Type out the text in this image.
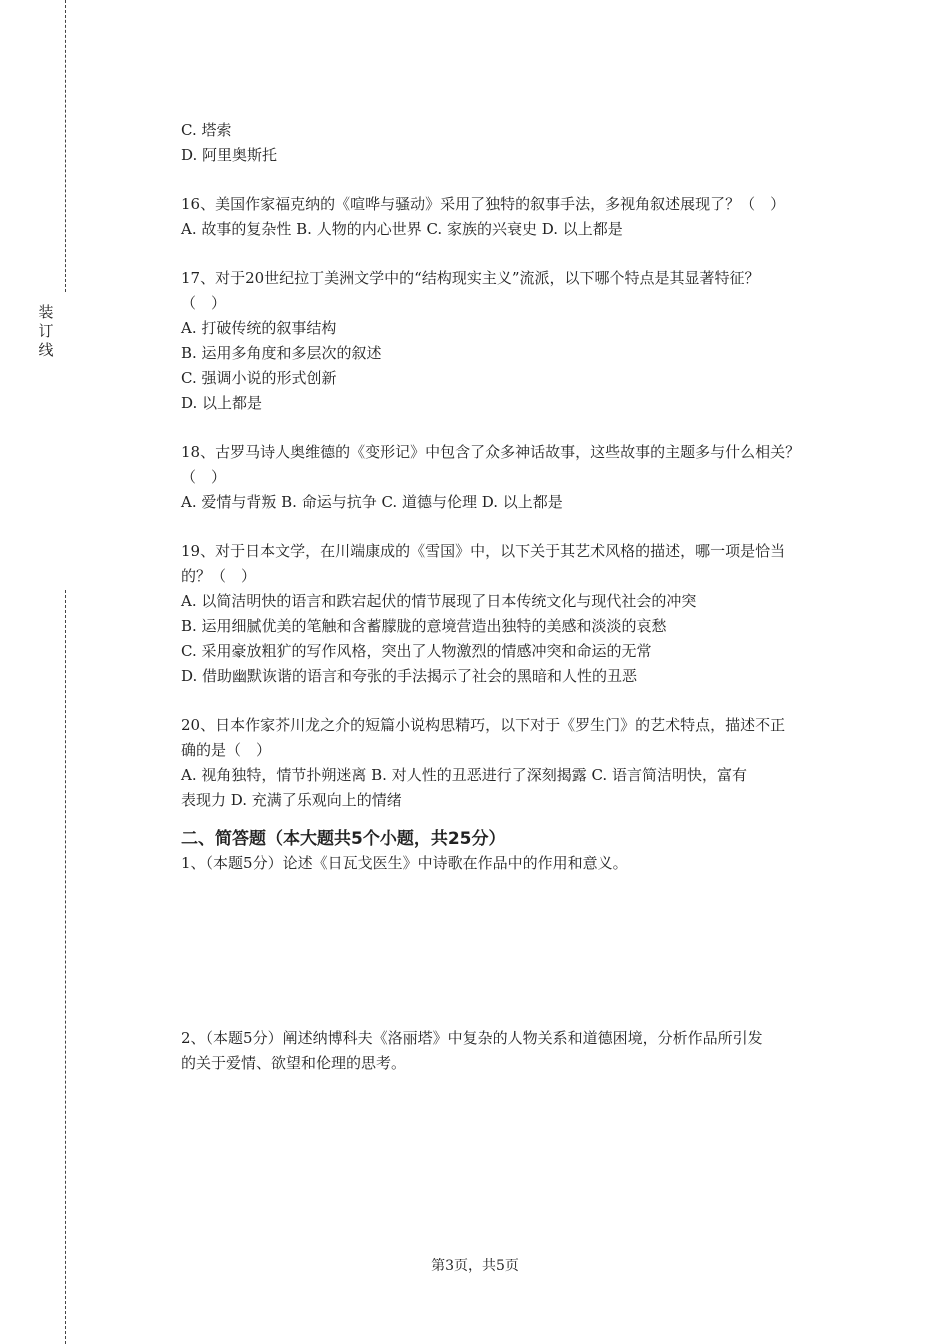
装
订
线
C. 塔索
D. 阿里奥斯托
16、美国作家福克纳的《喧哗与骚动》采用了独特的叙事手法，多视角叙述展现了？（　）
A. 故事的复杂性 B. 人物的内心世界 C. 家族的兴衰史 D. 以上都是
17、对于20世纪拉丁美洲文学中的“结构现实主义”流派，以下哪个特点是其显著特征？
（　）
A. 打破传统的叙事结构
B. 运用多角度和多层次的叙述
C. 强调小说的形式创新
D. 以上都是
18、古罗马诗人奥维德的《变形记》中包含了众多神话故事，这些故事的主题多与什么相关？
（　）
A. 爱情与背叛 B. 命运与抗争 C. 道德与伦理 D. 以上都是
19、对于日本文学，在川端康成的《雪国》中，以下关于其艺术风格的描述，哪一项是恰当
的？（　）
A. 以简洁明快的语言和跌宕起伏的情节展现了日本传统文化与现代社会的冲突
B. 运用细腻优美的笔触和含蓄朦胧的意境营造出独特的美感和淡淡的哀愁
C. 采用豪放粗犷的写作风格，突出了人物激烈的情感冲突和命运的无常
D. 借助幽默诙谐的语言和夸张的手法揭示了社会的黑暗和人性的丑恶
20、日本作家芥川龙之介的短篇小说构思精巧，以下对于《罗生门》的艺术特点，描述不正
确的是（　）
A. 视角独特，情节扑朔迷离 B. 对人性的丑恶进行了深刻揭露 C. 语言简洁明快，富有
表现力 D. 充满了乐观向上的情绪
二、简答题（本大题共5个小题，共25分）
1、（本题5分）论述《日瓦戈医生》中诗歌在作品中的作用和意义。
2、（本题5分）阐述纳博科夫《洛丽塔》中复杂的人物关系和道德困境，分析作品所引发
的关于爱情、欲望和伦理的思考。
第3页，共5页
